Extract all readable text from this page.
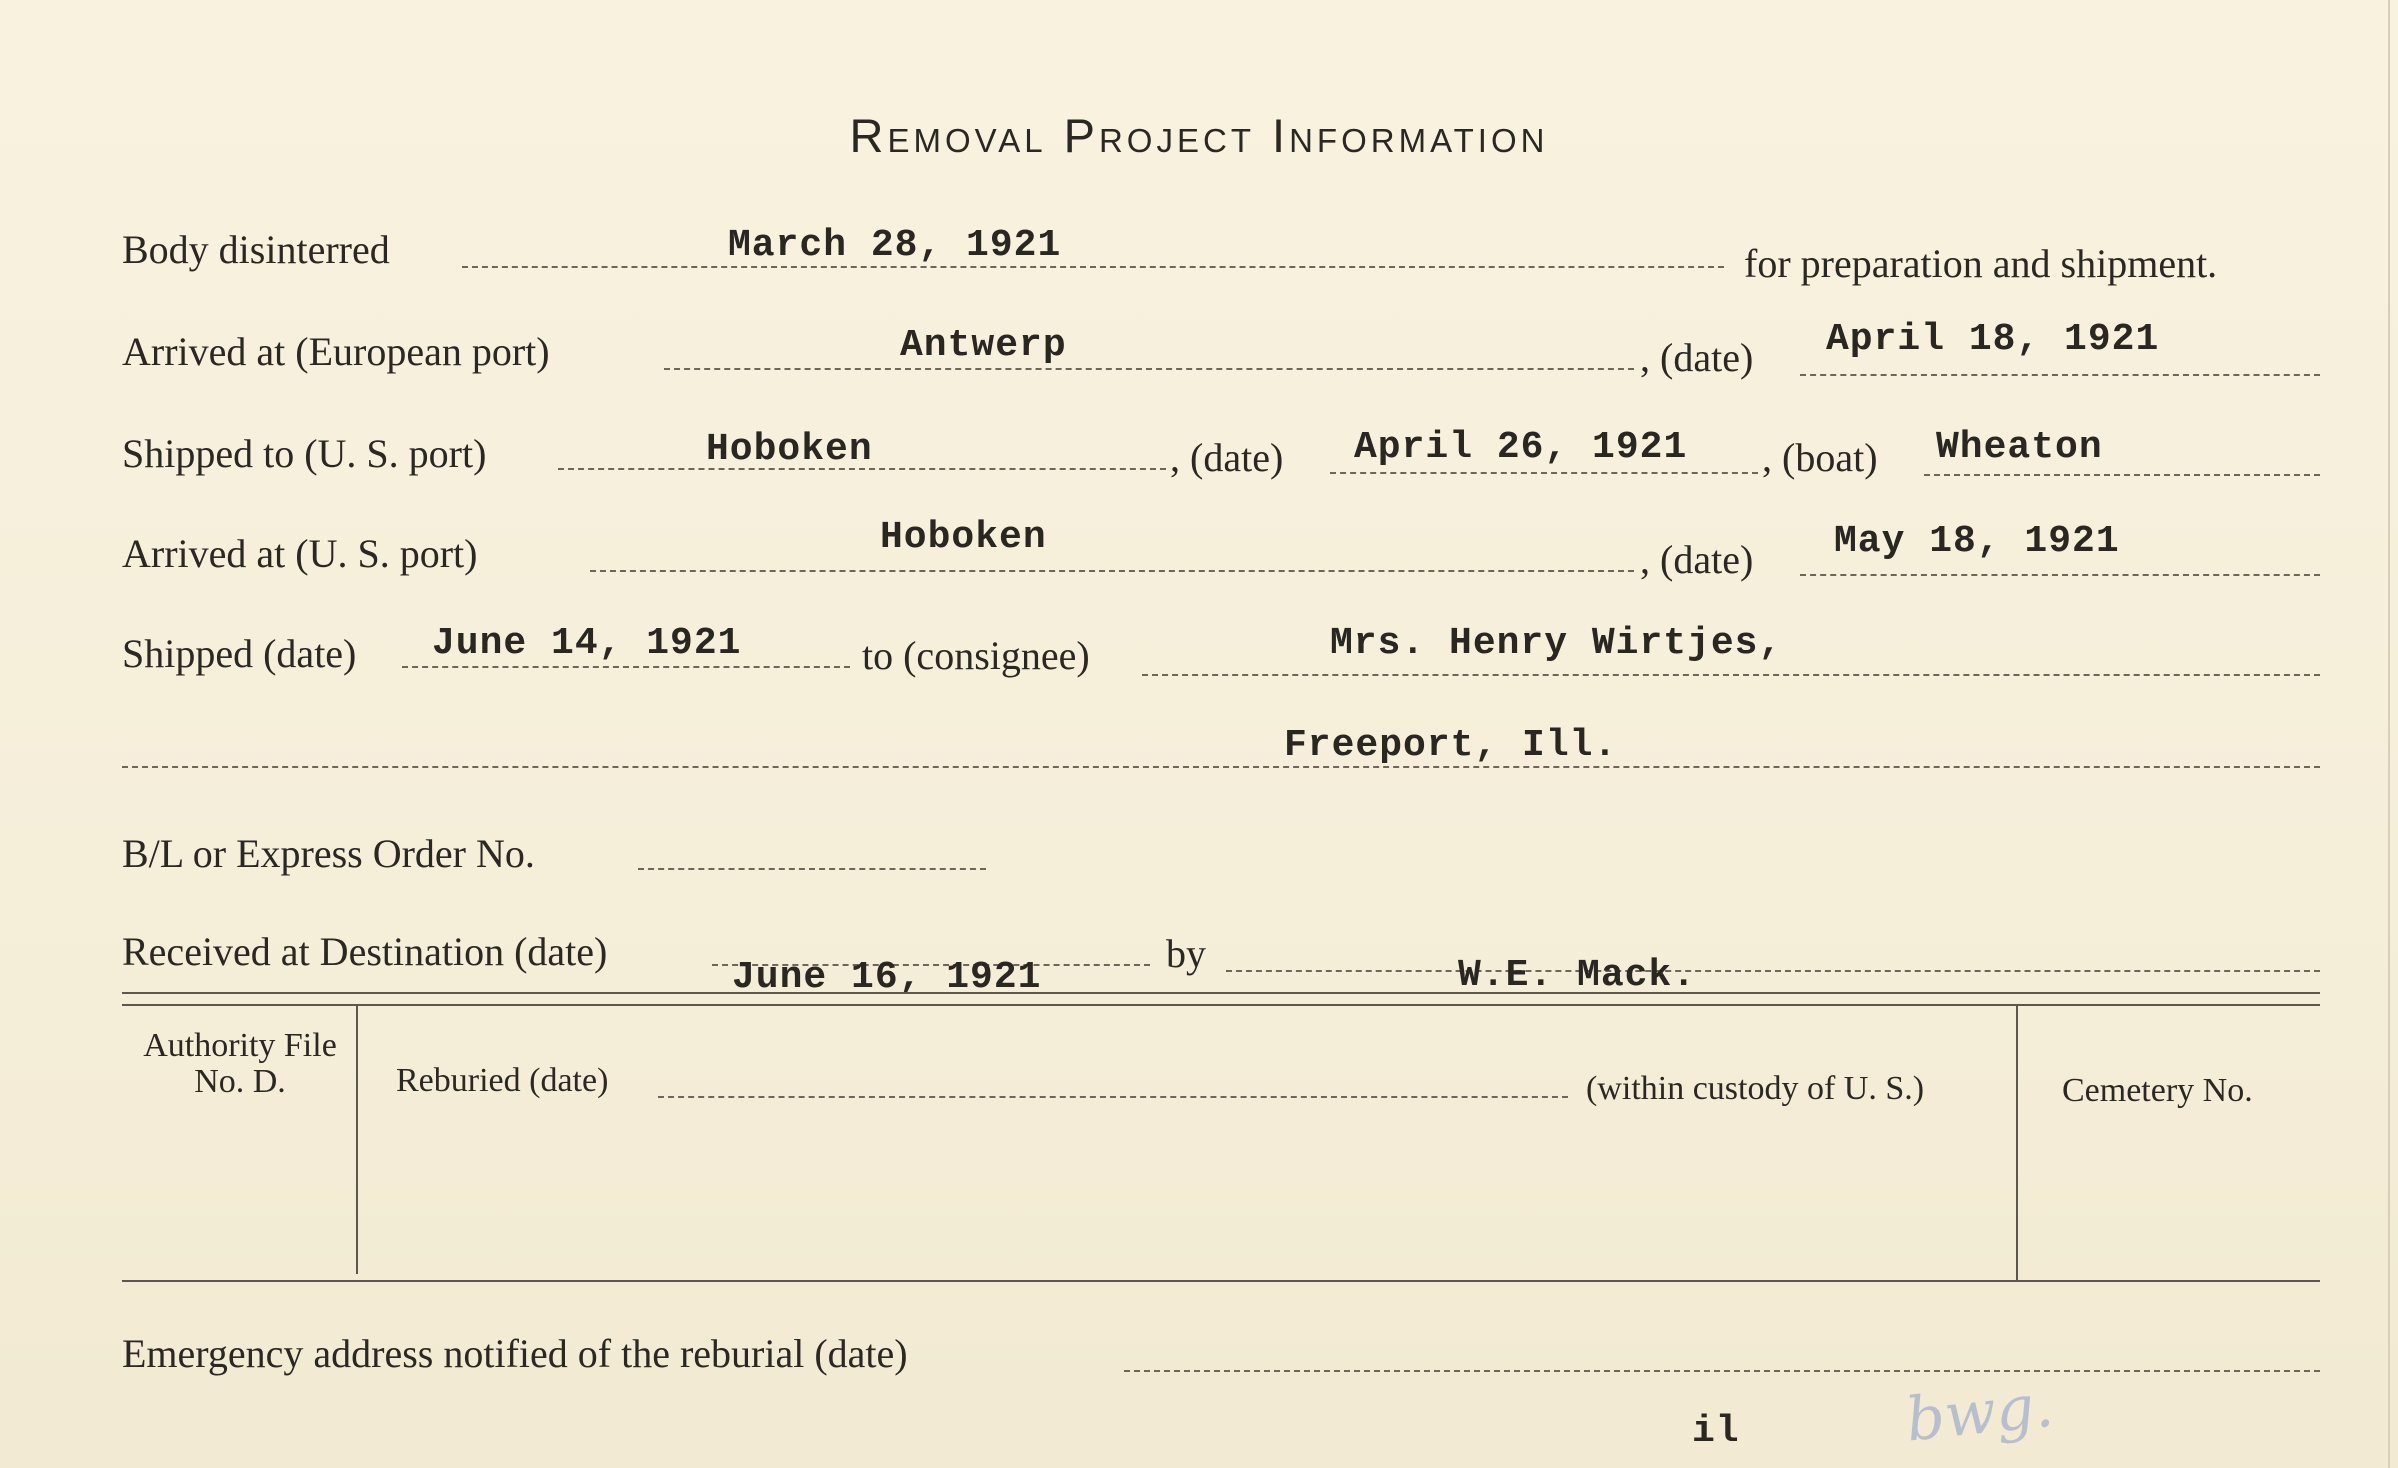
Removal Project Information
Body disinterred	March 28, 1921	for preparation and shipment.
Arrived at (European port)	Antwerp	, (date) April 18, 1921
Shipped to (U. S. port)	Hoboken	, (date) April 26, 1921 , (boat) Wheaton
Arrived at (U. S. port)	Hoboken	, (date) May 18, 1921
Shipped (date) June 14, 1921	to (consignee)	Mrs. Henry Wirtjes,
Freeport, Ill.
B/L or Express Order No.
Received at Destination (date)
June 16, 1921
by	W.E. Mack.
Authority File No. D.	Reburied (date)	(within custody of U. S.)	Cemetery No.
Emergency address notified of the reburial (date)
il	bwg.
